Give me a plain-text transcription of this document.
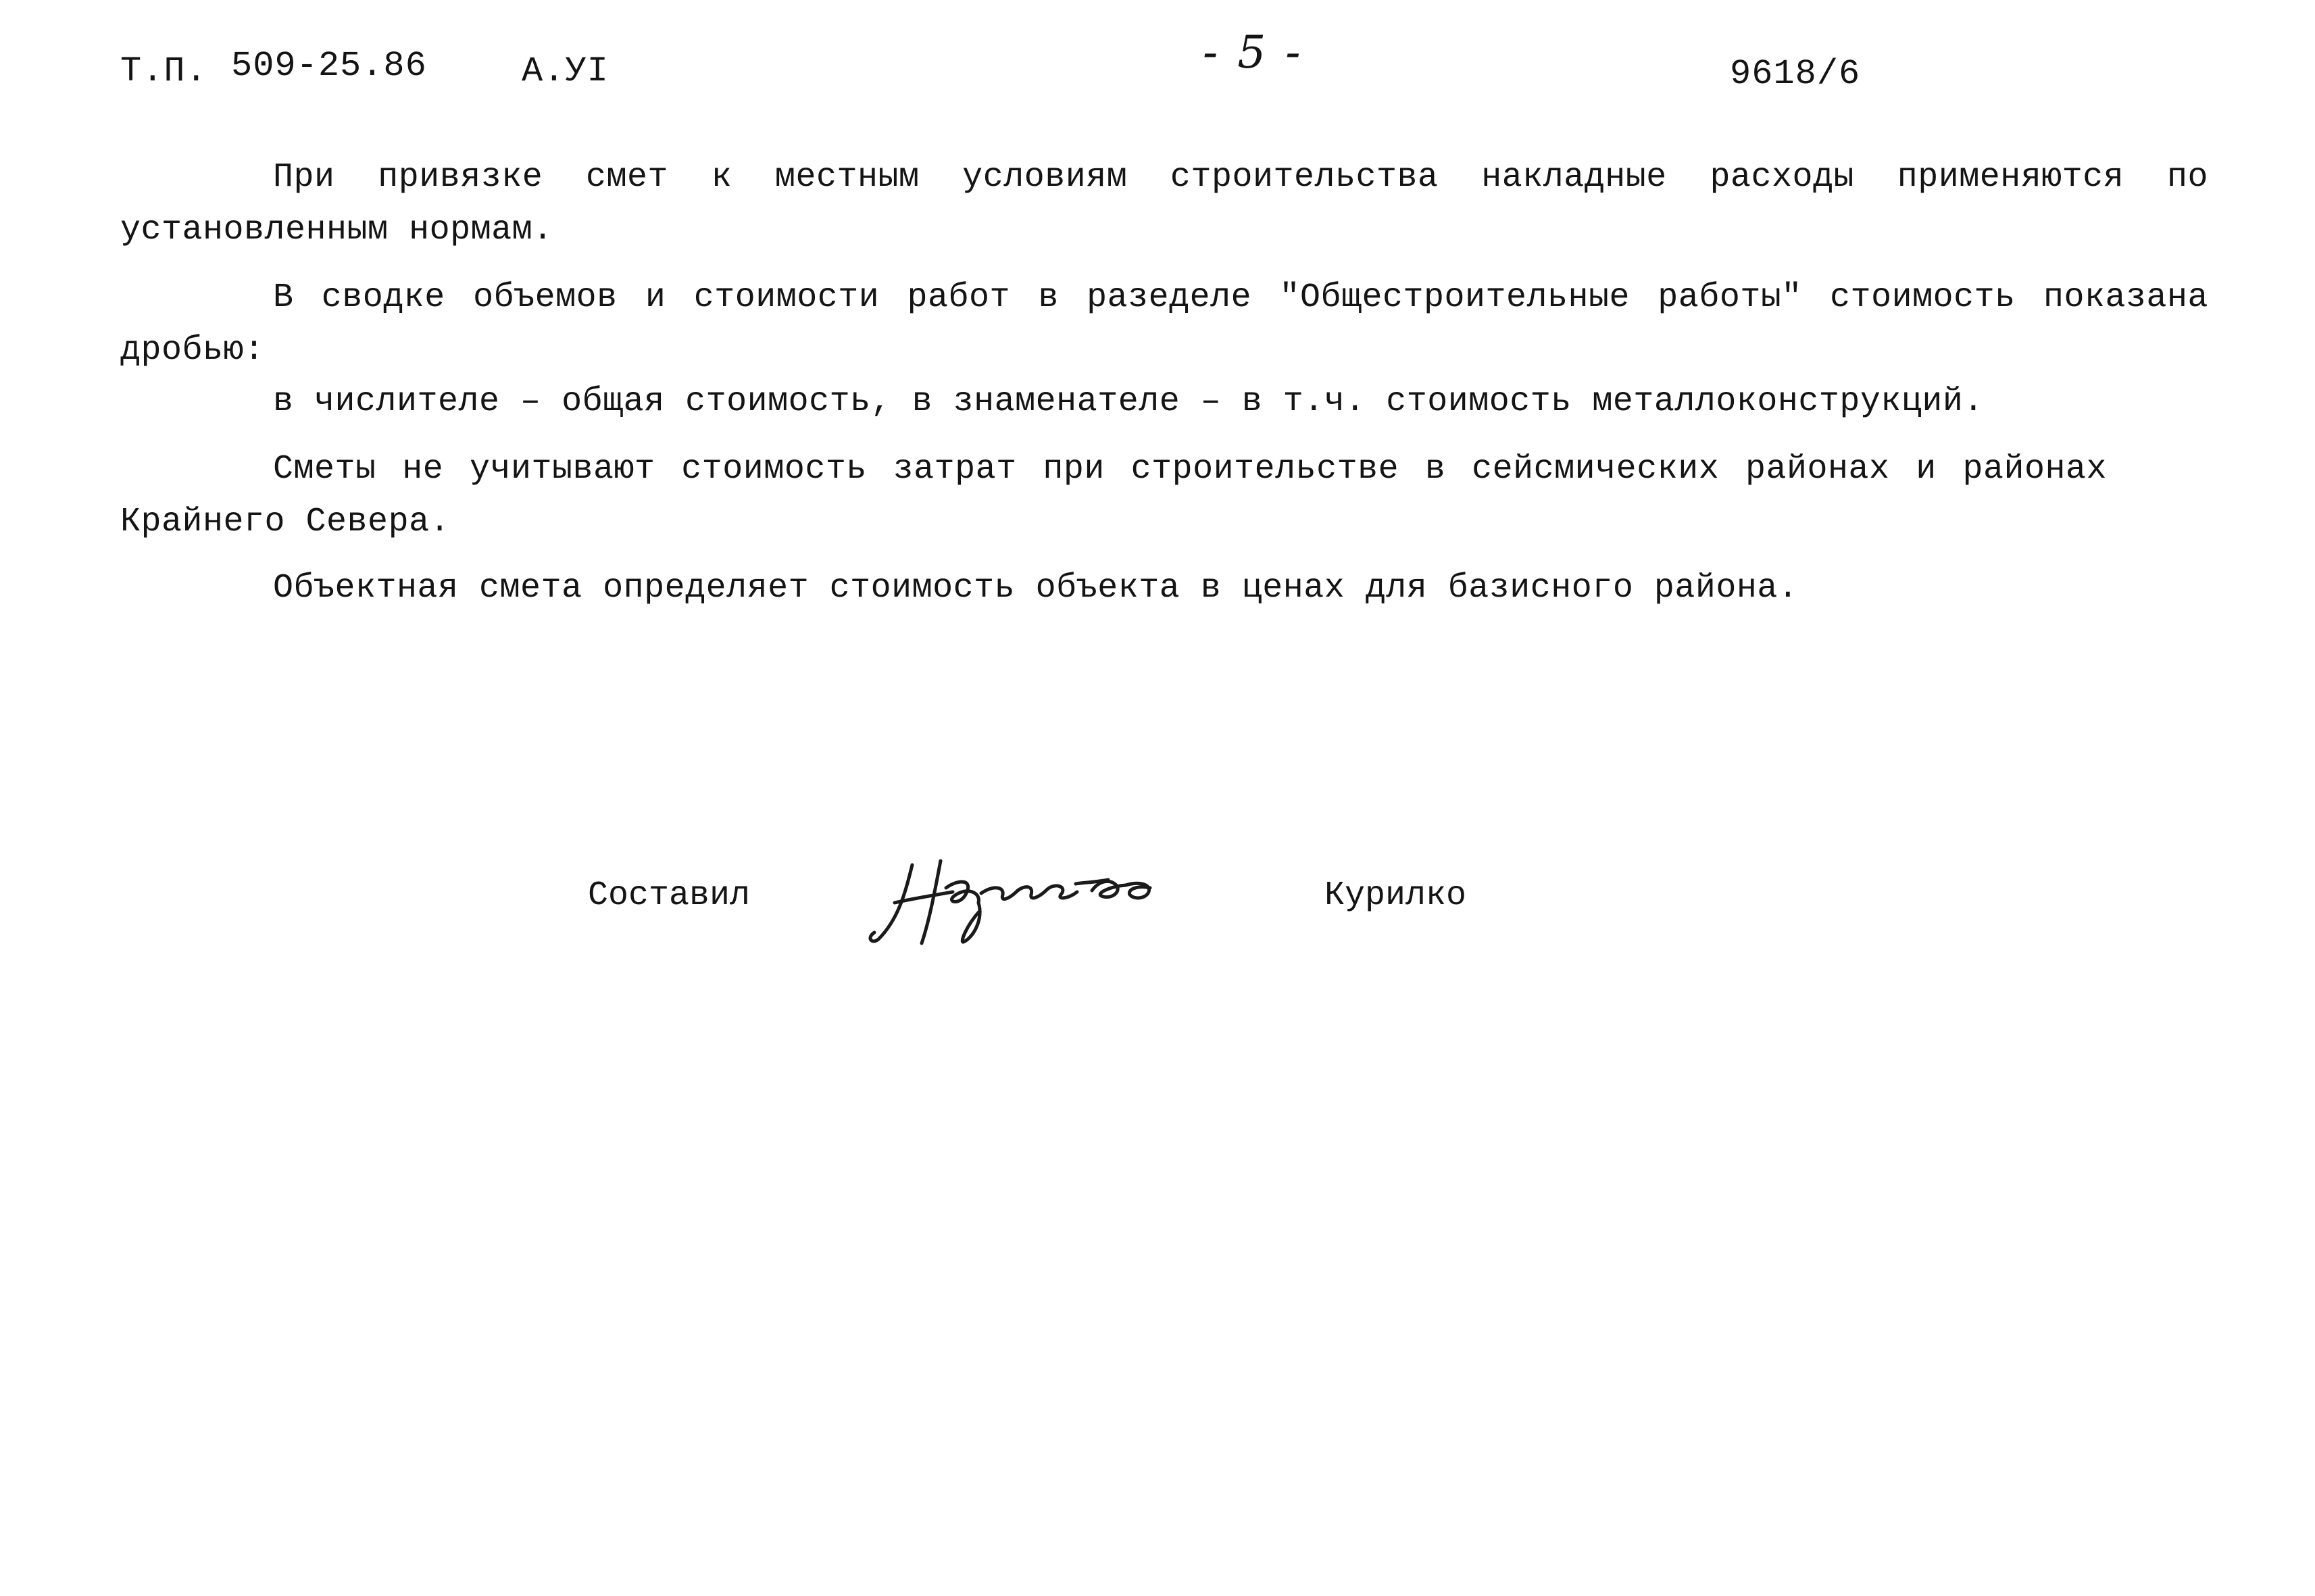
Т.П. 509-25.86	А.УI	- 5 -	9618/6

При привязке смет к местным условиям строительства накладные расходы применяются по установленным нормам.

В сводке объемов и стоимости работ в разеделе "Общестроительные работы" стоимость показана дробью:

в числителе – общая стоимость, в знаменателе – в т.ч. стоимость металлоконструкций.

Сметы не учитывают стоимость затрат при строительстве в сейсмических районах и районах Крайнего Севера.

Объектная смета определяет стоимость объекта в ценах для базисного района.

Составил	Курилко
